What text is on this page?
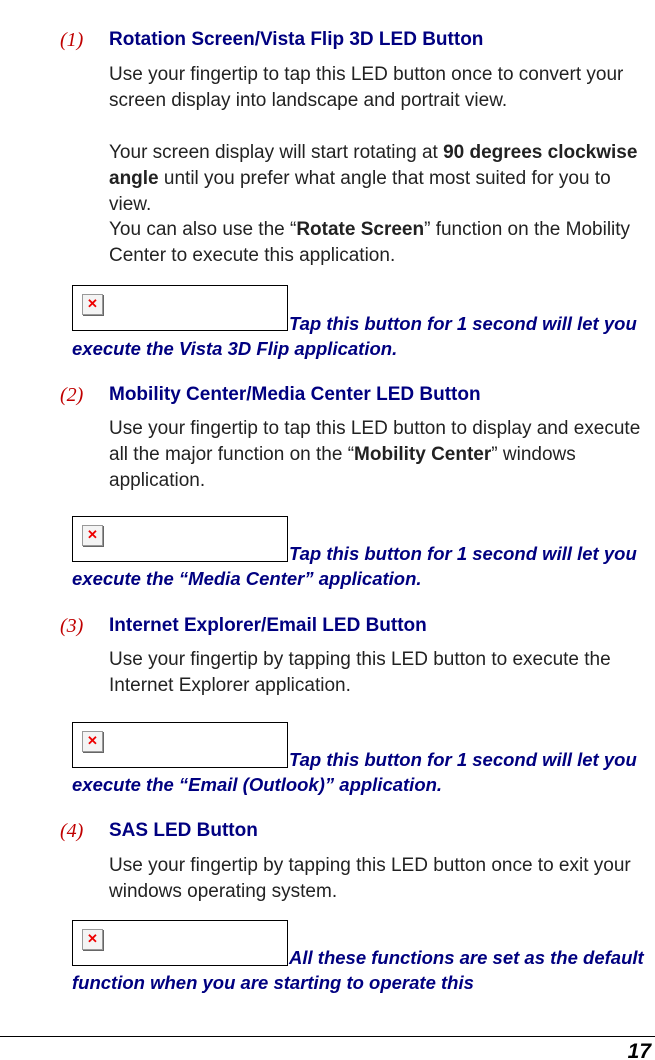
(1) Rotation Screen/Vista Flip 3D LED Button

Use your fingertip to tap this LED button once to convert your screen display into landscape and portrait view.

Your screen display will start rotating at 90 degrees clockwise angle until you prefer what angle that most suited for you to view.

You can also use the “Rotate Screen” function on the Mobility Center to execute this application.

✕

Tap this button for 1 second will let you execute the Vista 3D Flip application.

(2) Mobility Center/Media Center LED Button

Use your fingertip to tap this LED button to display and execute all the major function on the “Mobility Center” windows application.

✕

Tap this button for 1 second will let you execute the “Media Center” application.

(3) Internet Explorer/Email LED Button

Use your fingertip by tapping this LED button to execute the Internet Explorer application.

✕

Tap this button for 1 second will let you execute the “Email (Outlook)” application.

(4) SAS LED Button

Use your fingertip by tapping this LED button once to exit your windows operating system.

✕

All these functions are set as the default function when you are starting to operate this

17
